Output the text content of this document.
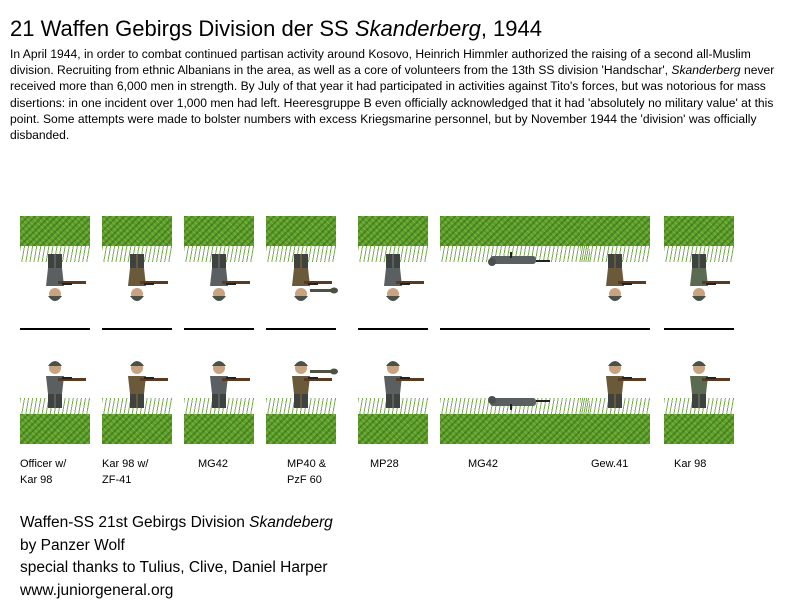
21 Waffen Gebirgs Division der SS Skanderberg, 1944
In April 1944, in order to combat continued partisan activity around Kosovo, Heinrich Himmler authorized the raising of a second all-Muslim division. Recruiting from ethnic Albanians in the area, as well as a core of volunteers from the 13th SS division 'Handschar', Skanderberg never received more than 6,000 men in strength. By July of that year it had participated in activities against Tito's forces, but was notorious for mass disertions: in one incident over 1,000 men had left. Heeresgruppe B even officially acknowledged that it had 'absolutely no military value' at this point. Some attempts were made to bolster numbers with excess Kriegsmarine personnel, but by November 1944 the 'division' was officially disbanded.
Officer w/
Kar 98
Kar 98 w/
ZF-41
MG42	MP40 &
PzF 60
MP28	MG42	Gew.41	Kar 98
Waffen-SS 21st Gebirgs Division Skandeberg
by Panzer Wolf
special thanks to Tulius, Clive, Daniel Harper
www.juniorgeneral.org
